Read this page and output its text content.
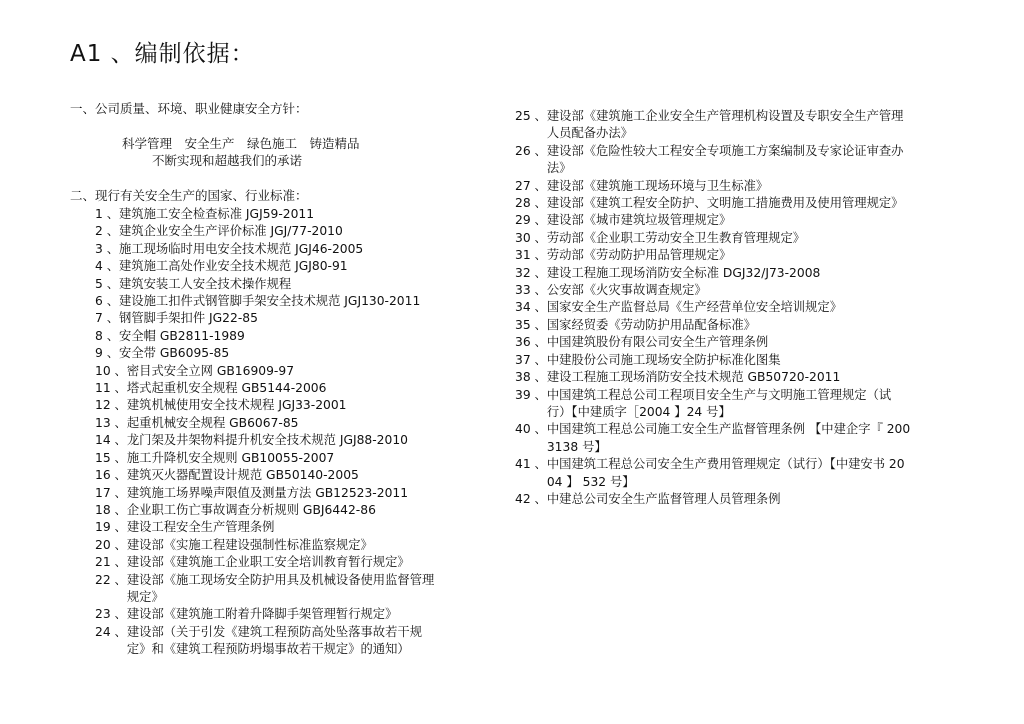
A1 、编制依据：
一、公司质量、环境、职业健康安全方针：
科学管理　安全生产　绿色施工　铸造精品
不断实现和超越我们的承诺
二、现行有关安全生产的国家、行业标准：
1 、 建筑施工安全检查标准 JGJ59-2011
2 、 建筑企业安全生产评价标准 JGJ/77-2010
3 、 施工现场临时用电安全技术规范 JGJ46-2005
4 、 建筑施工高处作业安全技术规范 JGJ80-91
5 、 建筑安装工人安全技术操作规程
6 、 建设施工扣件式钢管脚手架安全技术规范 JGJ130-2011
7 、 钢管脚手架扣件 JG22-85
8 、 安全帽 GB2811-1989
9 、 安全带 GB6095-85
10 、 密目式安全立网 GB16909-97
11 、 塔式起重机安全规程 GB5144-2006
12 、 建筑机械使用安全技术规程 JGJ33-2001
13 、 起重机械安全规程 GB6067-85
14 、 龙门架及井架物料提升机安全技术规范 JGJ88-2010
15 、 施工升降机安全规则 GB10055-2007
16 、 建筑灭火器配置设计规范 GB50140-2005
17 、 建筑施工场界噪声限值及测量方法 GB12523-2011
18 、 企业职工伤亡事故调查分析规则 GBJ6442-86
19 、 建设工程安全生产管理条例
20 、 建设部《实施工程建设强制性标准监察规定》
21 、 建设部《建筑施工企业职工安全培训教育暂行规定》
22 、 建设部《施工现场安全防护用具及机械设备使用监督管理
规定》
23 、 建设部《建筑施工附着升降脚手架管理暂行规定》
24 、 建设部（关于引发《建筑工程预防高处坠落事故若干规
定》和《建筑工程预防坍塌事故若干规定》的通知）
25 、 建设部《建筑施工企业安全生产管理机构设置及专职安全生产管理
人员配备办法》
26 、 建设部《危险性较大工程安全专项施工方案编制及专家论证审查办
法》
27 、 建设部《建筑施工现场环境与卫生标准》
28 、 建设部《建筑工程安全防护、文明施工措施费用及使用管理规定》
29 、 建设部《城市建筑垃圾管理规定》
30 、 劳动部《企业职工劳动安全卫生教育管理规定》
31 、 劳动部《劳动防护用品管理规定》
32 、 建设工程施工现场消防安全标准 DGJ32/J73-2008
33 、 公安部《火灾事故调查规定》
34 、 国家安全生产监督总局《生产经营单位安全培训规定》
35 、 国家经贸委《劳动防护用品配备标准》
36 、 中国建筑股份有限公司安全生产管理条例
37 、 中建股份公司施工现场安全防护标准化图集
38 、 建设工程施工现场消防安全技术规范 GB50720-2011
39 、 中国建筑工程总公司工程项目安全生产与文明施工管理规定（试
行）【中建质字［2004 】24 号】
40 、 中国建筑工程总公司施工安全生产监督管理条例 【中建企字『 200
3138 号】
41 、 中国建筑工程总公司安全生产费用管理规定（试行）【中建安书 20
04 】 532 号】
42 、 中建总公司安全生产监督管理人员管理条例
